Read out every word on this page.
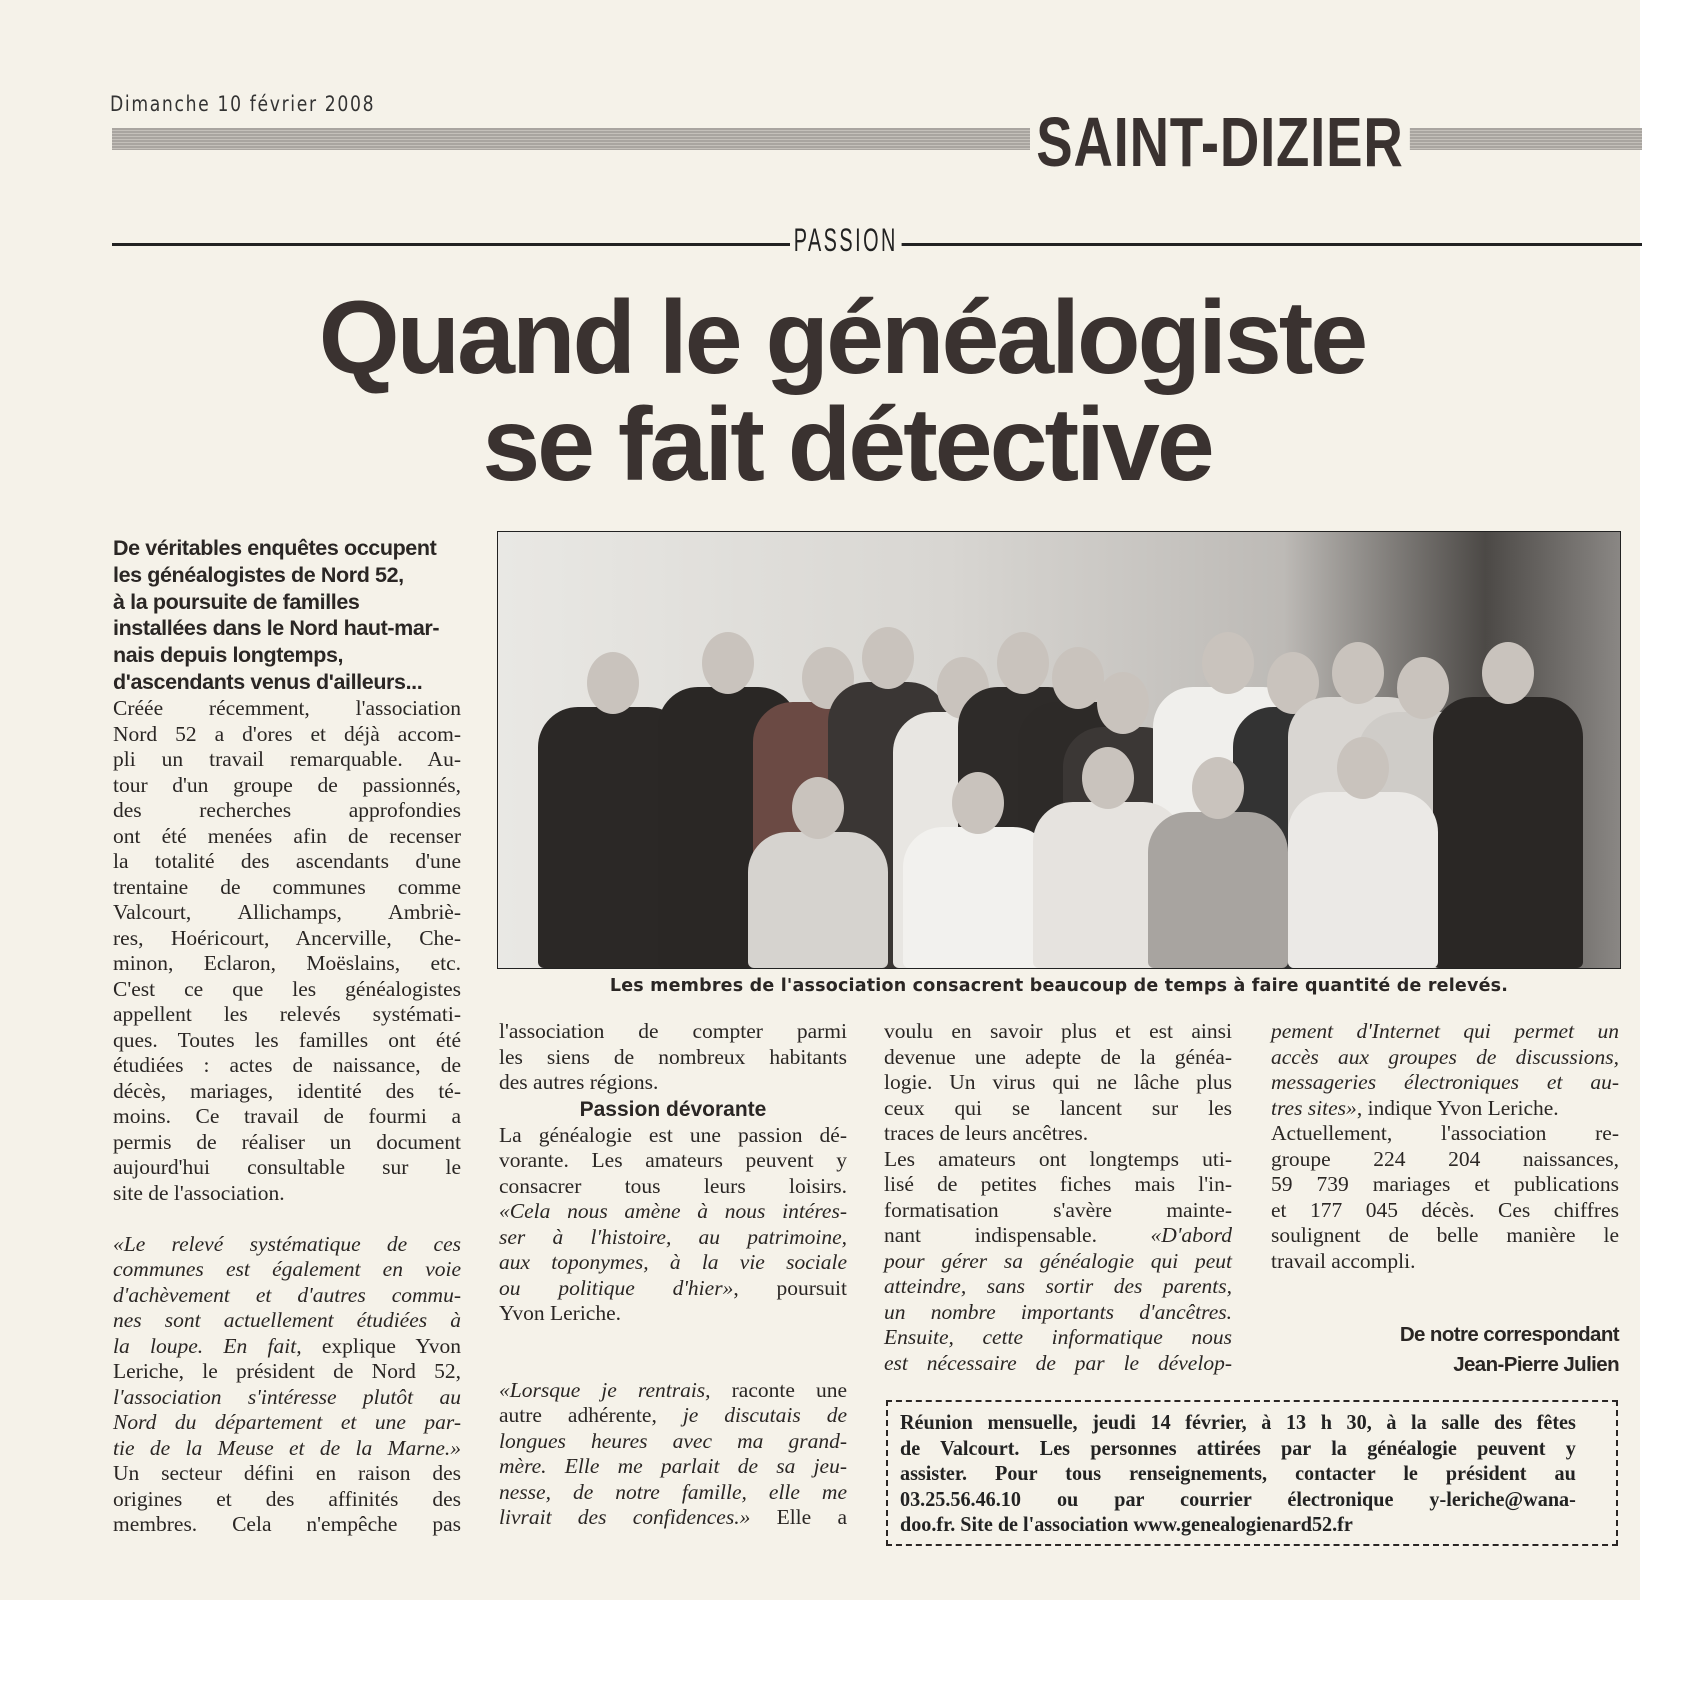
Dimanche 10 février 2008	SAINT-DIZIER
PASSION
Quand le généalogiste
se fait détective
De véritables enquêtes occupent
les généalogistes de Nord 52,
à la poursuite de familles
installées dans le Nord haut-mar-
nais depuis longtemps,
d'ascendants venus d'ailleurs...
Les membres de l'association consacrent beaucoup de temps à faire quantité de relevés.
Créée récemment, l'association
Nord 52 a d'ores et déjà accom-
pli un travail remarquable. Au-
tour d'un groupe de passionnés,
des recherches approfondies
ont été menées afin de recenser
la totalité des ascendants d'une
trentaine de communes comme
Valcourt, Allichamps, Ambriè-
res, Hoéricourt, Ancerville, Che-
minon, Eclaron, Moëslains, etc.
C'est ce que les généalogistes
appellent les relevés systémati-
ques. Toutes les familles ont été
étudiées : actes de naissance, de
décès, mariages, identité des té-
moins. Ce travail de fourmi a
permis de réaliser un document
aujourd'hui consultable sur le
site de l'association.
«Le relevé systématique de ces
communes est également en voie
d'achèvement et d'autres commu-
nes sont actuellement étudiées à
la loupe. En fait, explique Yvon
Leriche, le président de Nord 52,
l'association s'intéresse plutôt au
Nord du département et une par-
tie de la Meuse et de la Marne.»
Un secteur défini en raison des
origines et des affinités des
membres. Cela n'empêche pas
l'association de compter parmi
les siens de nombreux habitants
des autres régions.
Passion dévorante
La généalogie est une passion dé-
vorante. Les amateurs peuvent y
consacrer tous leurs loisirs.
«Cela nous amène à nous intéres-
ser à l'histoire, au patrimoine,
aux toponymes, à la vie sociale
ou politique d'hier», poursuit
Yvon Leriche.
«Lorsque je rentrais, raconte une
autre adhérente, je discutais de
longues heures avec ma grand-
mère. Elle me parlait de sa jeu-
nesse, de notre famille, elle me
livrait des confidences.» Elle a
voulu en savoir plus et est ainsi
devenue une adepte de la généa-
logie. Un virus qui ne lâche plus
ceux qui se lancent sur les
traces de leurs ancêtres.
Les amateurs ont longtemps uti-
lisé de petites fiches mais l'in-
formatisation s'avère mainte-
nant indispensable. «D'abord
pour gérer sa généalogie qui peut
atteindre, sans sortir des parents,
un nombre importants d'ancêtres.
Ensuite, cette informatique nous
est nécessaire de par le dévelop-
pement d'Internet qui permet un
accès aux groupes de discussions,
messageries électroniques et au-
tres sites», indique Yvon Leriche.
Actuellement, l'association re-
groupe 224 204 naissances,
59 739 mariages et publications
et 177 045 décès. Ces chiffres
soulignent de belle manière le
travail accompli.
De notre correspondant
Jean-Pierre Julien
Réunion mensuelle, jeudi 14 février, à 13 h 30, à la salle des fêtes
de Valcourt. Les personnes attirées par la généalogie peuvent y
assister. Pour tous renseignements, contacter le président au
03.25.56.46.10 ou par courrier électronique y-leriche@wana-
doo.fr. Site de l'association www.genealogienard52.fr
